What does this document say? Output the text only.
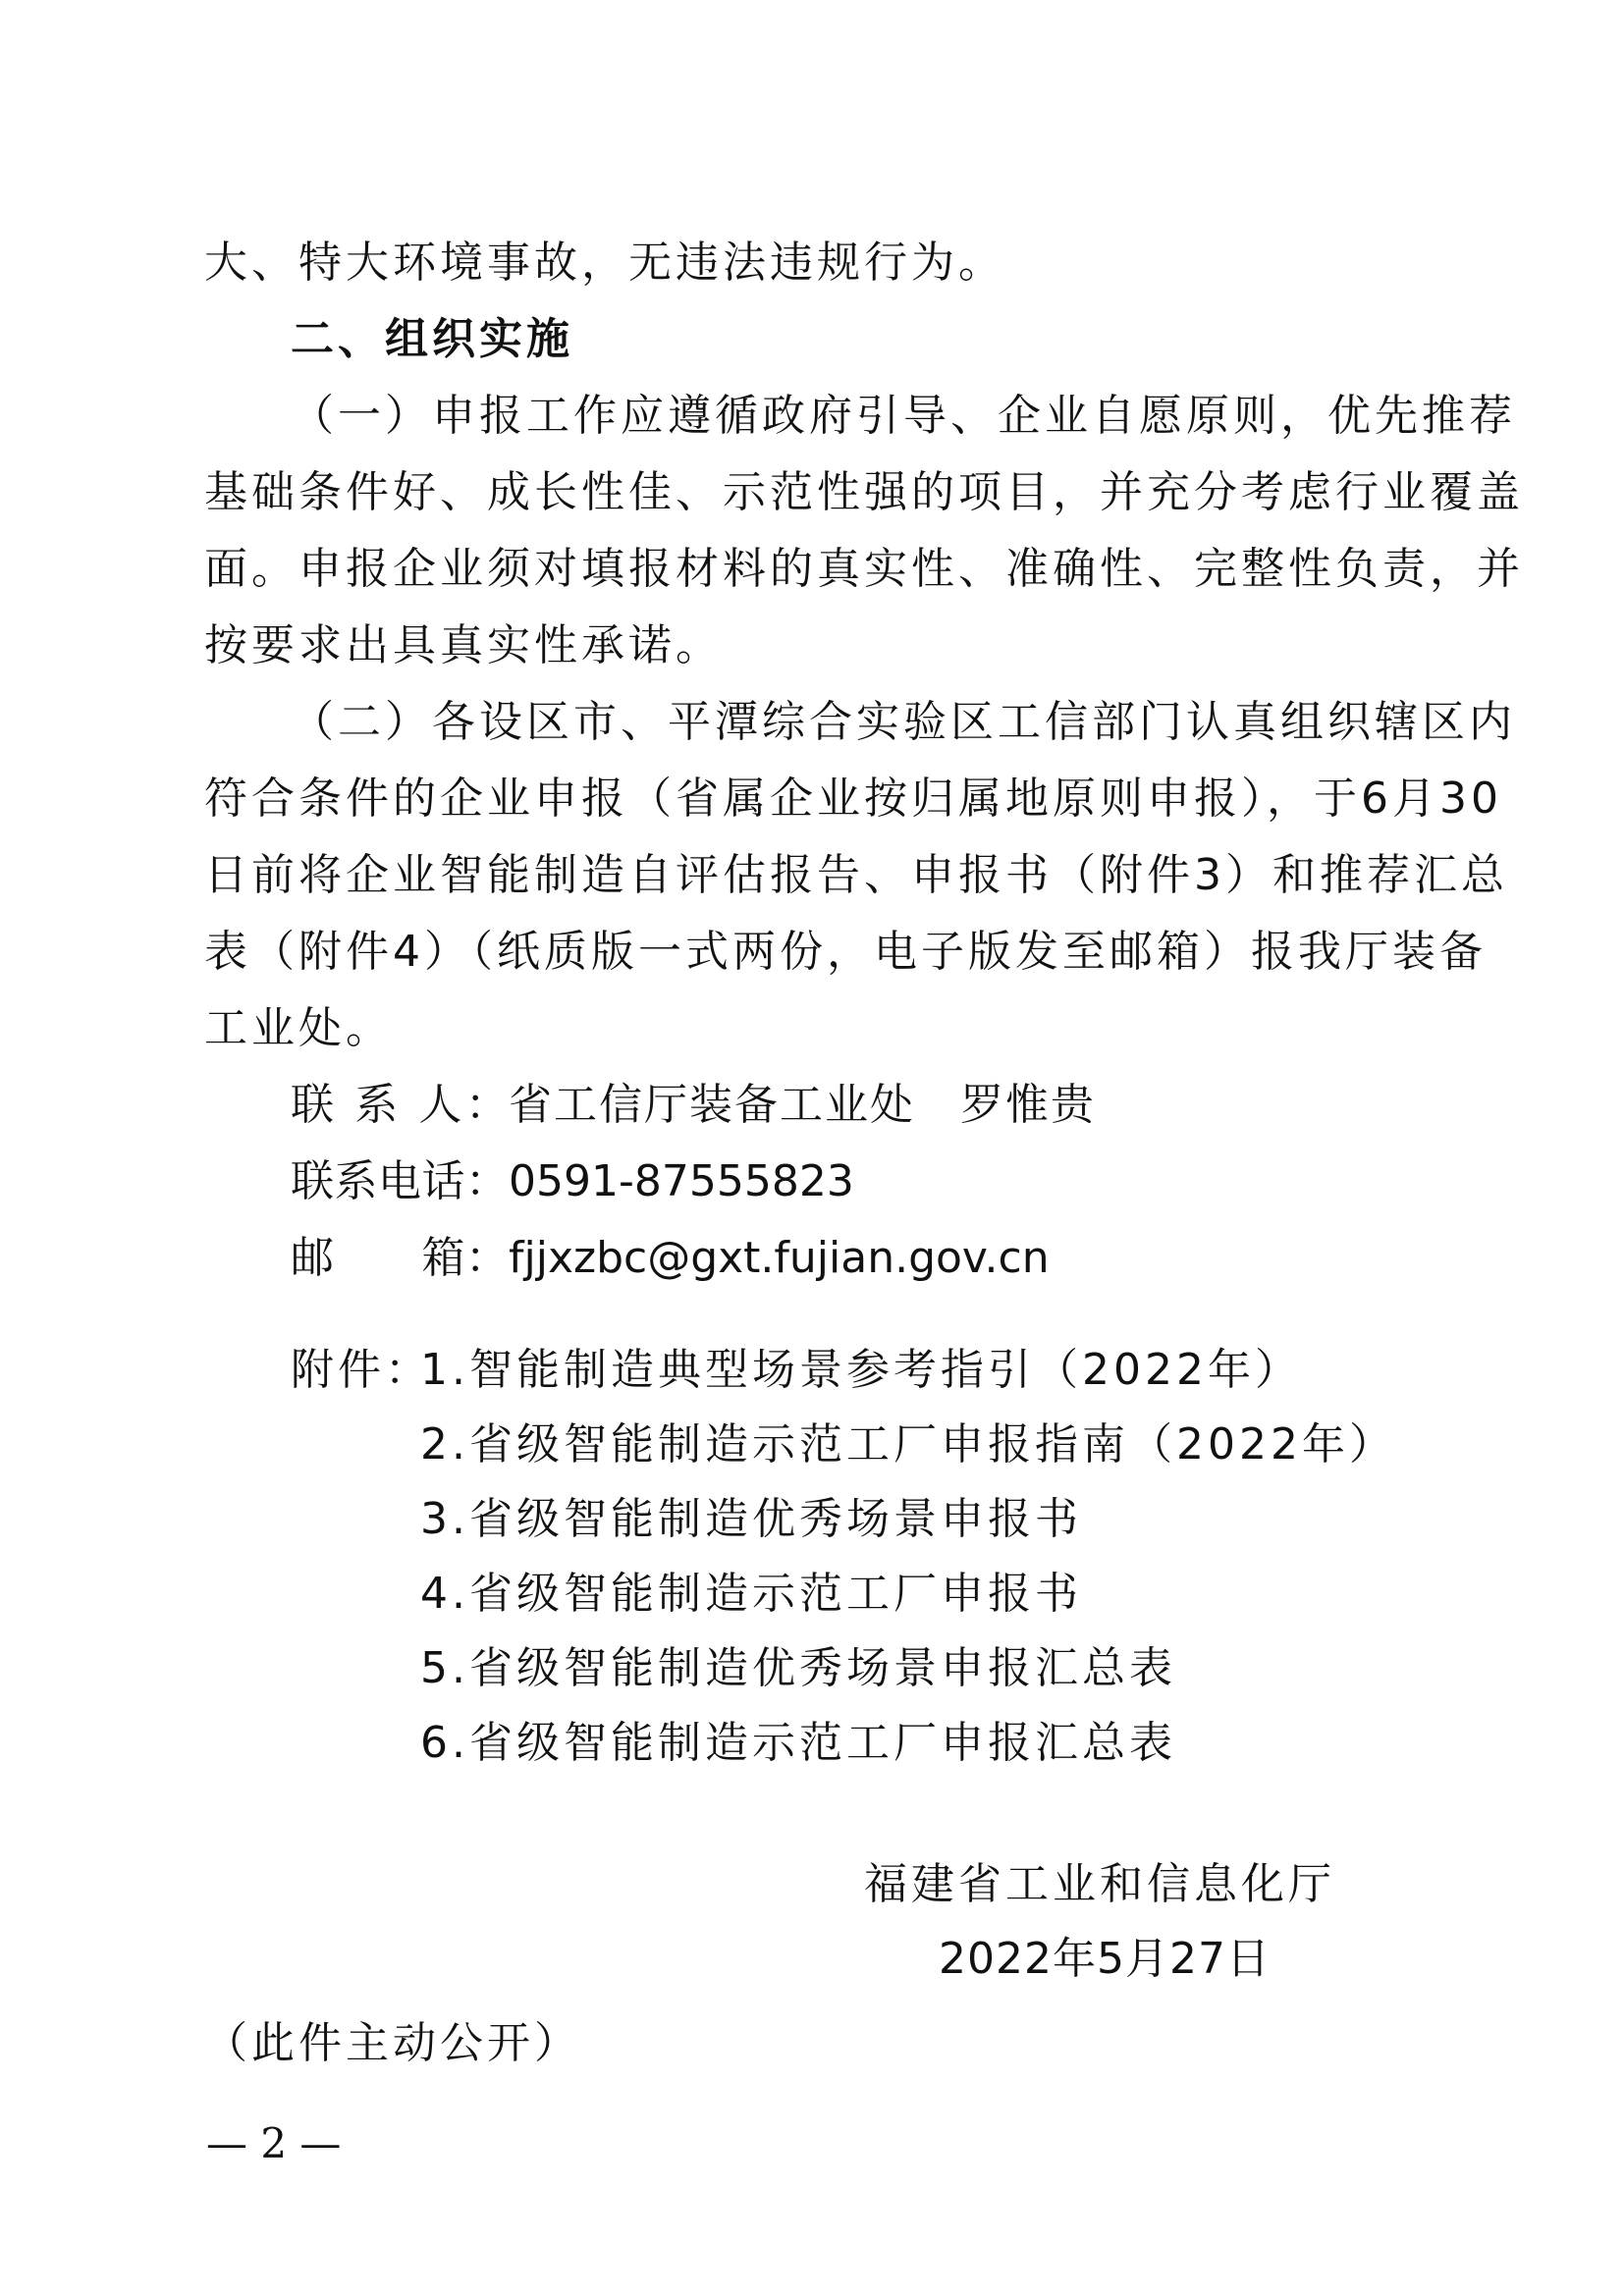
大、特大环境事故，无违法违规行为。
二、组织实施
（一）申报工作应遵循政府引导、企业自愿原则，优先推荐
基础条件好、成长性佳、示范性强的项目，并充分考虑行业覆盖
面。申报企业须对填报材料的真实性、准确性、完整性负责，并
按要求出具真实性承诺。
（二）各设区市、平潭综合实验区工信部门认真组织辖区内
符合条件的企业申报（省属企业按归属地原则申报），于6月30
日前将企业智能制造自评估报告、申报书（附件3）和推荐汇总
表（附件4）（纸质版一式两份，电子版发至邮箱）报我厅装备
工业处。
联 系 人：省工信厅装备工业处　罗惟贵
联系电话：0591-87555823
邮　　箱：fjjxzbc@gxt.fujian.gov.cn
附件：
1.智能制造典型场景参考指引（2022年）
2.省级智能制造示范工厂申报指南（2022年）
3.省级智能制造优秀场景申报书
4.省级智能制造示范工厂申报书
5.省级智能制造优秀场景申报汇总表
6.省级智能制造示范工厂申报汇总表
福建省工业和信息化厅
2022年5月27日
（此件主动公开）
— 2 —
